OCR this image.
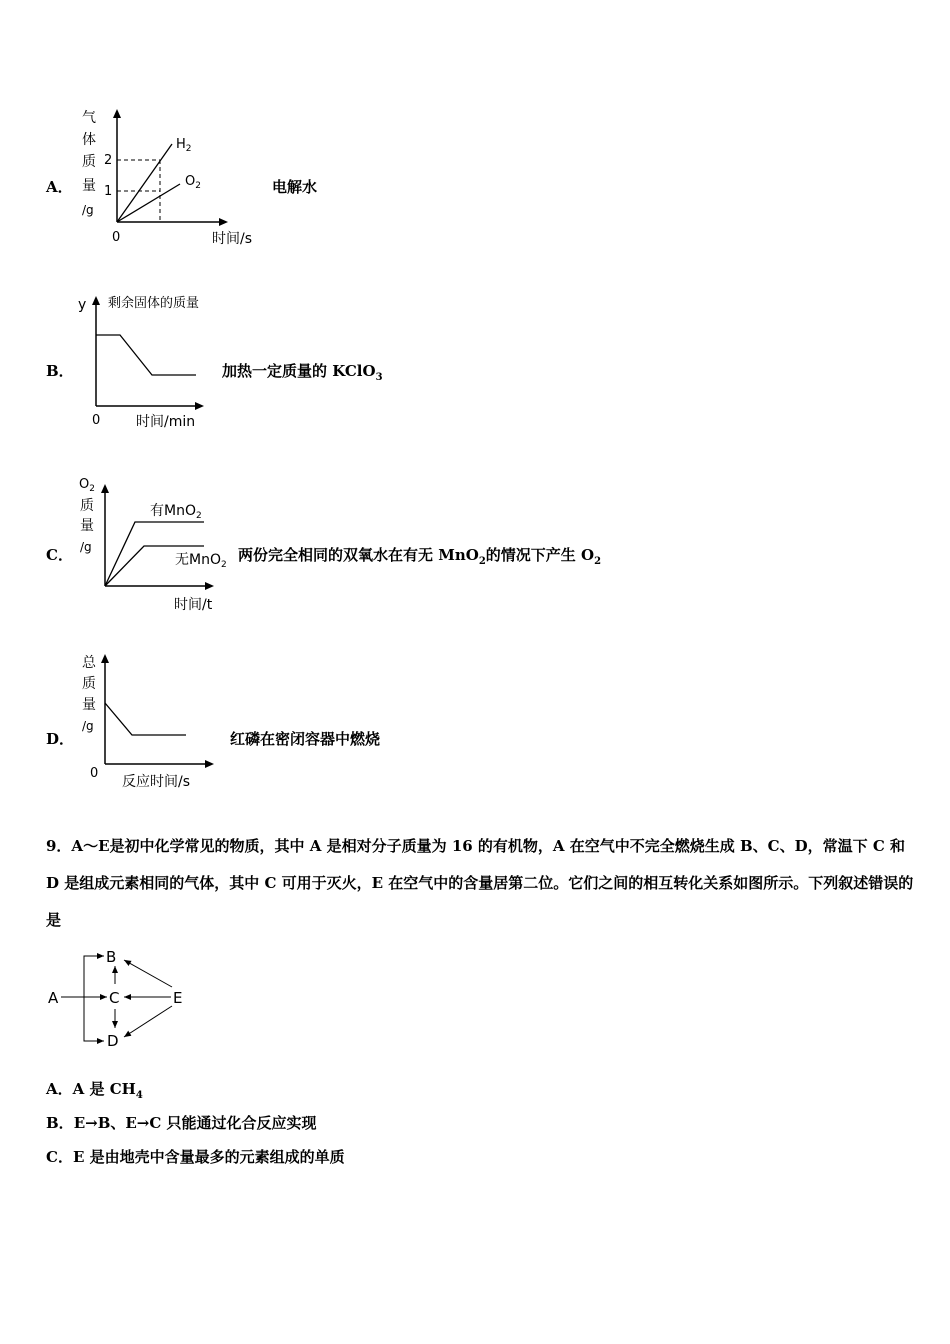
A．
气
体
质
量
/g
2
1
0
$H_2$
$O_2$
时间/s
电解水
B．
y 剩余固体的质量
0	时间/min
加热一定质量的 KClO$_3$
C．
$O_2$
质
量
/g
有MnO$_2$
无MnO$_2$
时间/t
两份完全相同的双氧水在有无 MnO$_2$的情况下产生 $O_2$
D．
总
质
量
/g
0
反应时间/s
红磷在密闭容器中燃烧
9．A～E是初中化学常见的物质，其中 A 是相对分子质量为 16 的有机物，A 在空气中不完全燃烧生成 B、C、D，常温下 C 和 D 是组成元素相同的气体，其中 C 可用于灭火，E 在空气中的含量居第二位。它们之间的相互转化关系如图所示。下列叙述错误的是
A
B
C
D
E
A．A 是 $CH_4$
B．E→B、E→C 只能通过化合反应实现
C．E 是由地壳中含量最多的元素组成的单质
